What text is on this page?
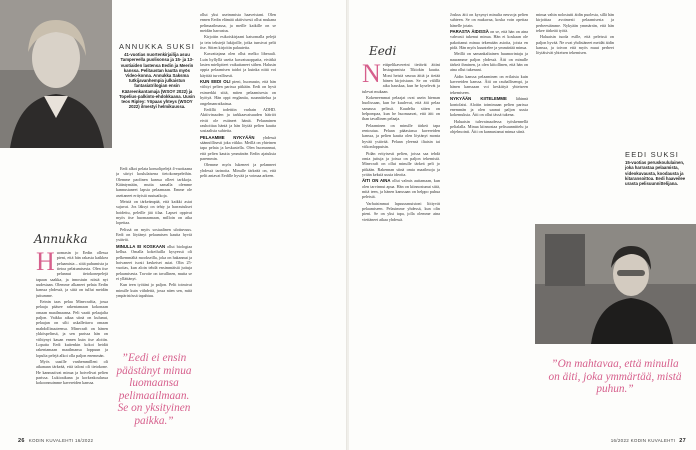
ANNUKKA SUKSI
41-vuotias nuortenkirjailija asuu Tampereella puolisonsa ja 15- ja 13-vuotiaiden lastensa Eedin ja Meerin kanssa. Pelitaustan kautta myös Video-konna. Annukka Saksma tutkijavanhempia julkaistun fantasiatrilogian ensin Kääreenkantamaja (WSOY 2022) ja Topelius-palkinto-ehdokkaana. Uusin teos Ripley: Yöpaas yhteys (WSOY 2022) ilmestyi helmikuussa.
Annukka
H uomasin jo Eedin ollessa pieni, että hän rakasta kaikkea pelaamista – siitä puhumista ja tietoa pelatumisesta. Olen itse pelannut tietokonepelejä tapaan saakka, ja innostuin niistä nyt uudestaan. Olemme alkaneet pelata Eedin kanssa yhdessä, ja siitä on tullut meidän juttumme.

Eeinin taas pelaa Minecraftia, jossa pelaaja pääsee rakentamaan kokonaan omaan maailmaansa. Peli vaatii pelaajalta paljon. Vaikka aikaa siinä on kulunut, pelaajan on silti uskallettava omaan mahdollisuuteensa. Minecraft on hänen ykköspelinsä, ja sen parissa hän on viihtynyt kauan ennen kuin itse aloitin. Loputta Eedi kuitenkin kokoi heidät rakentamaan maailmansa loppuun ja lopulta pelejä alkoi olla paljon enemmän.

Myös uusille vanhemmilleni oli aikanaan tärkeää, että taloni oli tietokone. He kannustivat minua ja hoivelivat pelien parissa. Lukioaikana ja korkeakoulussa kokoonnuimme kavereiden kanssa.

Eedi alkoi pelata konsolipelejä 4-vuotiaana ja siirtyi koululaisena tietokonepeleihin. Olemme paolinen kanssa olleet tarkkoja. Kääntymään, mutta samalla olemme kannustaneet lapsia pelaamaan. Emme ole asettaneet erityisiä ruutuaikoja.

Meistä on tärkeämpää, että kaikki asiat sujuvat. Jos läksyt on tehty ja harrastukset hoidettu, peleille jää tilaa. Lapset oppivat myös itse huomaamaan, milloin on aika lopettaa.

Pelissä on myös sosiaalinen ulottuvuus. Eedi on löytänyt pelaamisen kautta hyviä ystäviä.

MINULLA EI KOSKAAN ollut biologiaa kellua. Omalla kokeiluilla kysyessä oli pelkemmältä mookseilla, joka on hakannut ja hoivaneet isosti keskeiset asiat. Olin 25-vuotias, kun aloin tehdä ensimmäisiä juttuja pelaamisesta. Tavoite on tavallinen, mutta se ei yllättänyt.

Kun teen työtäni jo paljon. Pelit toimivat minulle kuin viihdettä, jossa näen sen, mitä ympäristössä tapahtuu.

”Eedi ei ensin päästänyt minua luomaansa pelimaailmaan. Se on yksityinen paikka.”

ollut yksi useimmista haaveistani. Olen ennen Eedin elämää aktiivisesti ollut mukana pelimaailmassa, ja meille kaikille on se meidän harrastus.

Kirjoitin esikoiskirjaani katsomalla pelejä ja tein tekstejä lukijoille, jotka tunsivat pelit itse. Sitten kirjoitin palautetta.

Kasvattajana olen ollut melko liberaali. Luin hyllyllä useita kasvatusoppaita, eivätkä lasten mielipiteet vaikuttaneet siihen. Halusin oppia pelaamisen taidot ja kuinka niitä voi käyttää turvallisesti.

KUN EEDI OLI pieni, huomasin, että hän viihtyi pelien parissa pitkään. Eedi on hyvä esimerkki siitä, miten pelaamisesta on hyötyä. Hän oppi englantia, suunnittelua ja ongelmanratkaisua.

Eedillä todettiin varhain ADHD. Aktiivisuuden ja tarkkaavaisuuden häiriöt eivät ole estäneet häntä. Pelaaminen rauhoittaa häntä ja hän löytää pelien kautta sosiaalisia suhteita.

PELAAMME NYKYÄÄN yhdessä säännöllisesti joka viikko. Meillä on yhteinen tapa pelata ja keskustella. Olen huomannut, että pelien kautta ymmärrän Eedin ajatuksia paremmin.

Olemme myös lukeneet ja pelanneet yhdessä tarinoita. Minulle tärkeää on, että pelit antavat Eedille hyvää ja voimaa arkeen.

26 KODIN KUVALEHTI 16/2022
Eedi
N ettipelikavereini tietävät äitini Instagramista Tiktokin kautta. Moni heistä seuraa äitiä ja tietää hänen kirjoistaan. Se on välillä aika hauskaa, kun he kyselevät ja tulevat mukaan.

Kokeneemmat pelaajat ovat usein hieman huolissaan, kun he kuulevat, että äiti pelaa samassa pelissä. Kaudelta sitten on helpompaa, kun he huomaavat, että äiti on ihan tavallinen pelaaja.

Pelaaminen on minulle tärkeä tapa rentoutua. Pelaan pääasiassa kavereiden kanssa, ja pelien kautta olen löytänyt monta hyvää ystävää. Pelaan yleensä iltaisin tai viikonloppuisin.

Pidän erityisesti pelien, joissa saa tehdä omia juttuja ja joissa on paljon tekemistä. Minecraft on ollut minulle tärkeä peli jo pitkään. Rakennan siinä omia maailmoja ja yritän keksiä uusia ideoita.

ÄITI ON AINA ollut valmis auttamaan, kun olen tarvinnut apua. Hän on kiinnostunut siitä, mitä teen, ja hänen kanssaan on helppo puhua peleistä.

Varhaisimmat lapsuusmuistoni liittyvät pelaamiseen. Pelasimme yhdessä, kun olin pieni. Se on yksi tapa, jolla olemme aina viettäneet aikaa yhdessä.

Joskus äiti on kysynyt minulta neuvoja pelien suhteen. Se on mukavaa, koska voin opettaa hänelle jotain.

PARASTA ÄIDISSÄ on se, että hän on aina vahvasti tukenut minua. Hän ei koskaan ole pakottanut minua tekemään asioita, joista en pidä. Hän myös kuuntelee ja ymmärtää minua.

Meillä on samankaltainen huumorintaju ja nauramme paljon yhdessä. Äiti on minulle tärkeä ihminen, ja olen kiitollinen, että hän on aina ollut tukenani.

Äidin kanssa pelaaminen on erilaista kuin kavereiden kanssa. Äiti on rauhallisempi, ja hänen kanssaan voi keskittyä yhteiseen tekemiseen.

NYKYÄÄN KIITELEMME lähinnä kontolaisi. Aloitin toimimaan pelien parissa enemmän ja olen saanut paljon uusia kokemuksia. Äiti on ollut tässä tukena.

Haluaisin tulevaisuudessa työskennellä pelialalla. Minua kiinnostaa pelisuunnittelu ja ohjelmointi. Äiti on kannustanut minua siinä.

minua vahin nolostutti äidin puolesta, sillä hän kirjoittaa avoimesti pelaamisesta ja perheestämme. Nykyään ymmärrän, että hän tekee tärkeää työtä.

Haluaisin tuoda esille, että peleissä on paljon hyvää. Ne ovat yhdistäneet meidät äidin kanssa, ja toivon että myös muut perheet löytäisivät yhteisen tekemisen.

EEDI SUKSI
15-vuotias peruskoululainen, joka harrastaa pelaamista, videokuvausta, koodausta ja kitaransoittoa. Eedi haaveilee urasta pelisuunnittelijana.
”On mahtavaa, että minulla on äiti, joka ymmärtää, mistä puhun.”
16/2022 KODIN KUVALEHTI 27
